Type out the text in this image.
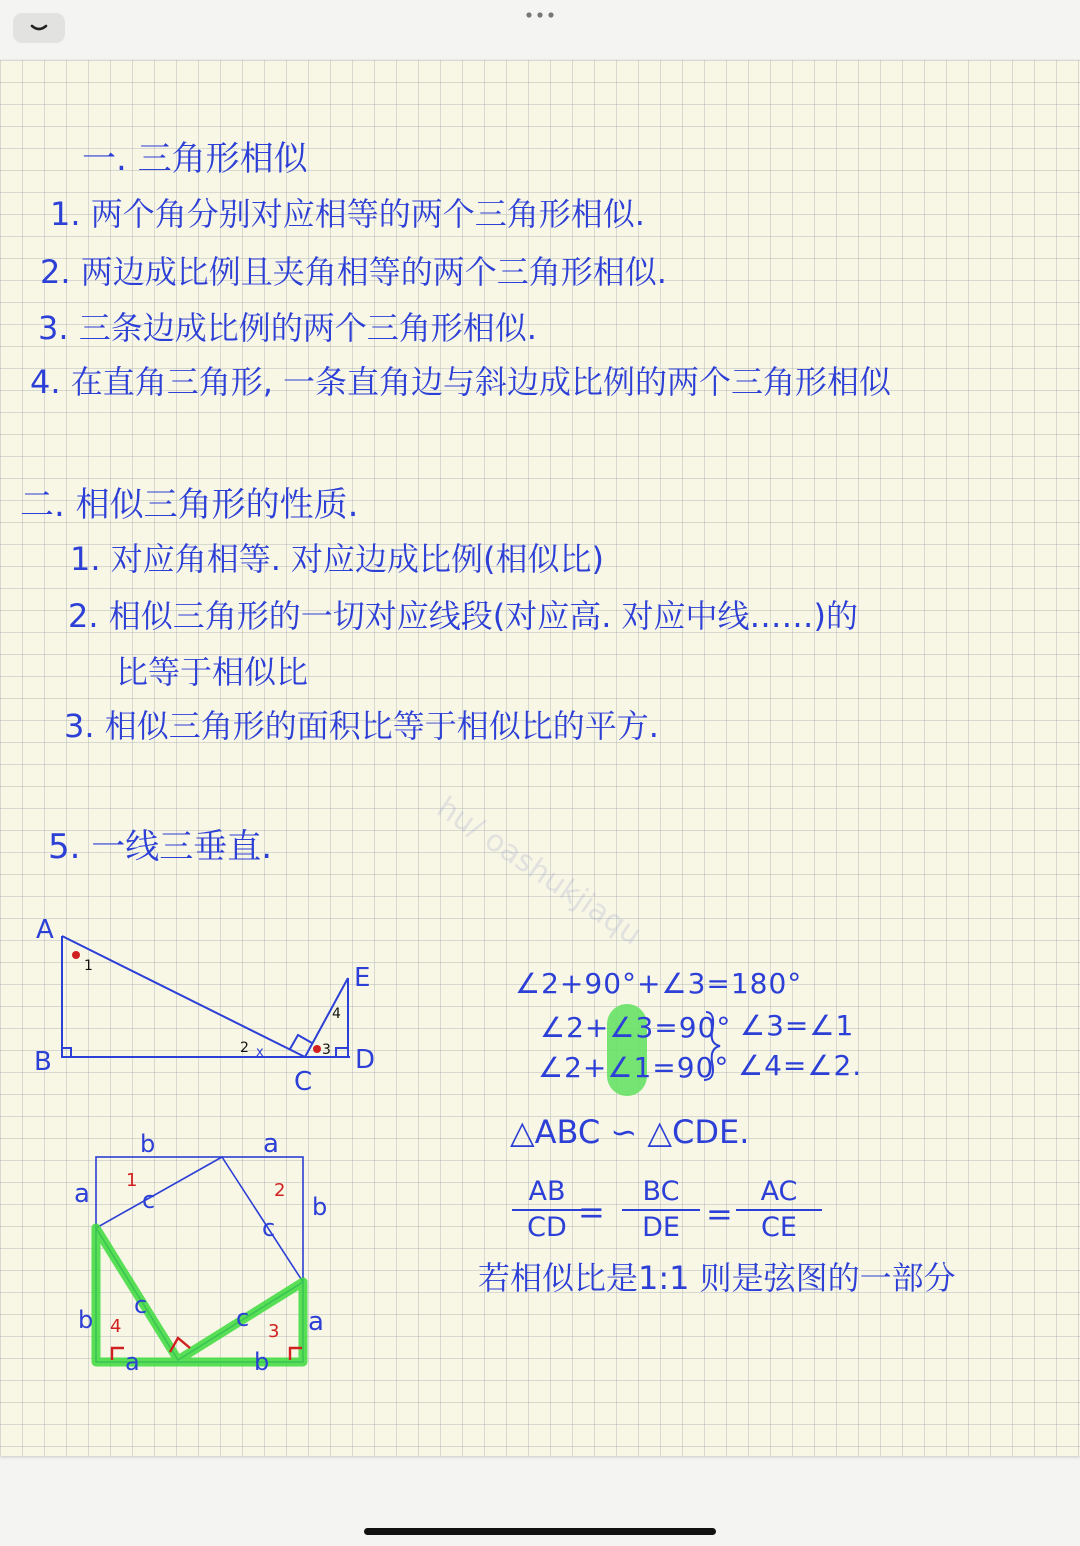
一. 三角形相似
1. 两个角分别对应相等的两个三角形相似.
2. 两边成比例且夹角相等的两个三角形相似.
3. 三条边成比例的两个三角形相似.
4. 在直角三角形, 一条直角边与斜边成比例的两个三角形相似
二. 相似三角形的性质.
1. 对应角相等. 对应边成比例(相似比)
2. 相似三角形的一切对应线段(对应高. 对应中线……)的
比等于相似比
3. 相似三角形的面积比等于相似比的平方.
hu/ oashukjiaqu
5. 一线三垂直.
A
B
C
D
E
1
2 x	3
4
b	a
a
b
b
a
a	b
c
c
c
c
1	2
3
4
∠2+90°+∠3=180°
∠2+∠3=90°
∠2+∠1=90°
∠3=∠1
∠4=∠2.
△ABC ∽ △CDE.
AB
CD =
BC
DE =
AC
CE
若相似比是1:1 则是弦图的一部分
